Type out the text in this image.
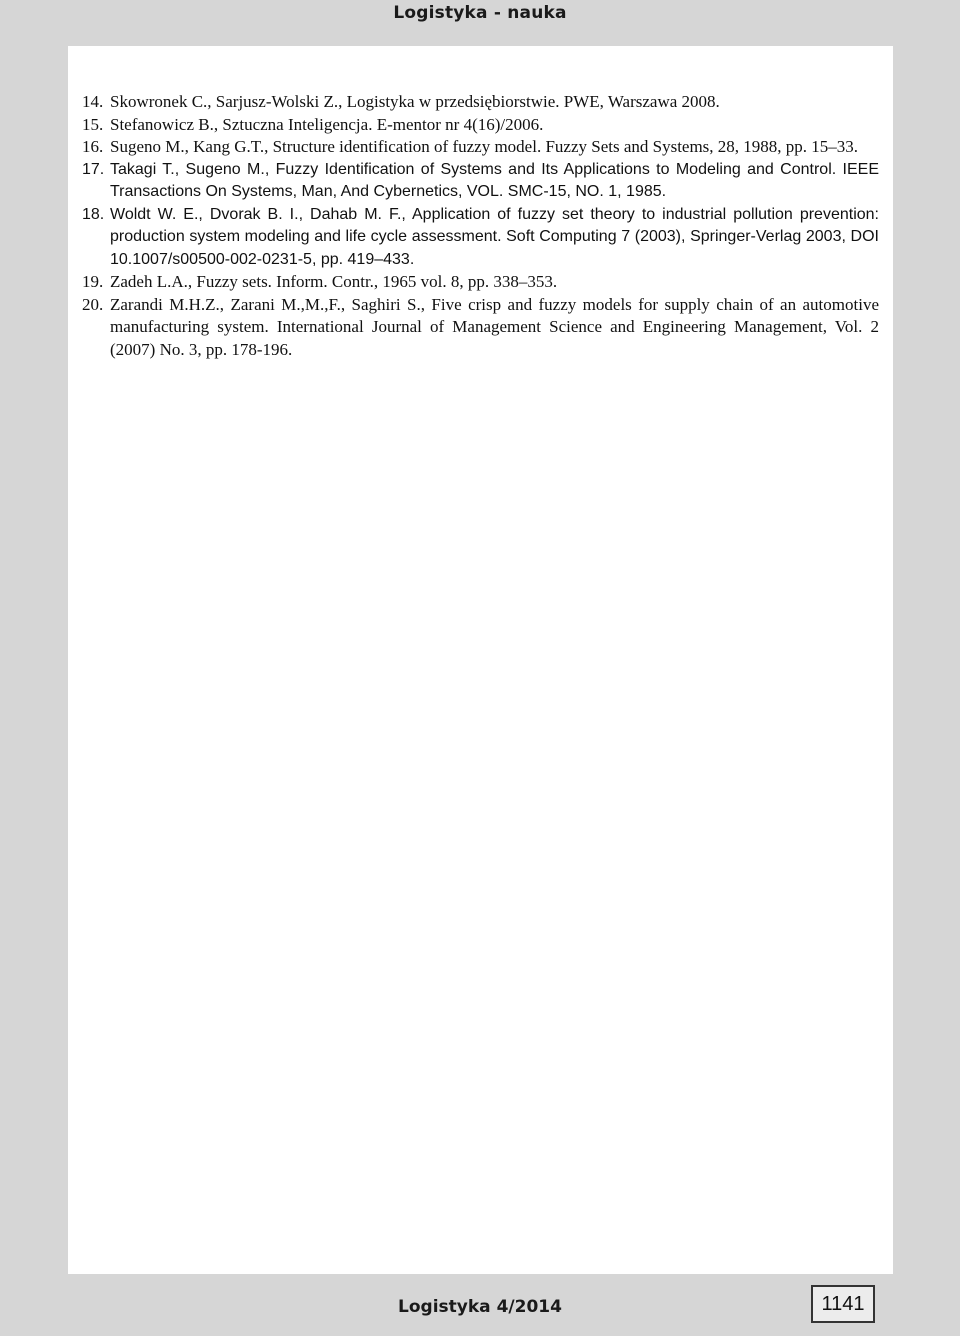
Logistyka - nauka
14. Skowronek C., Sarjusz-Wolski Z., Logistyka w przedsiębiorstwie. PWE, Warszawa 2008.
15. Stefanowicz B., Sztuczna Inteligencja. E-mentor nr 4(16)/2006.
16. Sugeno M., Kang G.T., Structure identification of fuzzy model. Fuzzy Sets and Systems, 28, 1988, pp. 15–33.
17. Takagi T., Sugeno M., Fuzzy Identification of Systems and Its Applications to Modeling and Control. IEEE Transactions On Systems, Man, And Cybernetics, VOL. SMC-15, NO. 1, 1985.
18. Woldt W. E., Dvorak B. I., Dahab M. F., Application of fuzzy set theory to industrial pollution prevention: production system modeling and life cycle assessment. Soft Computing 7 (2003), Springer-Verlag 2003, DOI 10.1007/s00500-002-0231-5, pp. 419–433.
19. Zadeh L.A., Fuzzy sets. Inform. Contr., 1965 vol. 8, pp. 338–353.
20. Zarandi M.H.Z., Zarani M.,M.,F., Saghiri S., Five crisp and fuzzy models for supply chain of an automotive manufacturing system. International Journal of Management Science and Engineering Management, Vol. 2 (2007) No. 3, pp. 178-196.
Logistyka 4/2014	1141
